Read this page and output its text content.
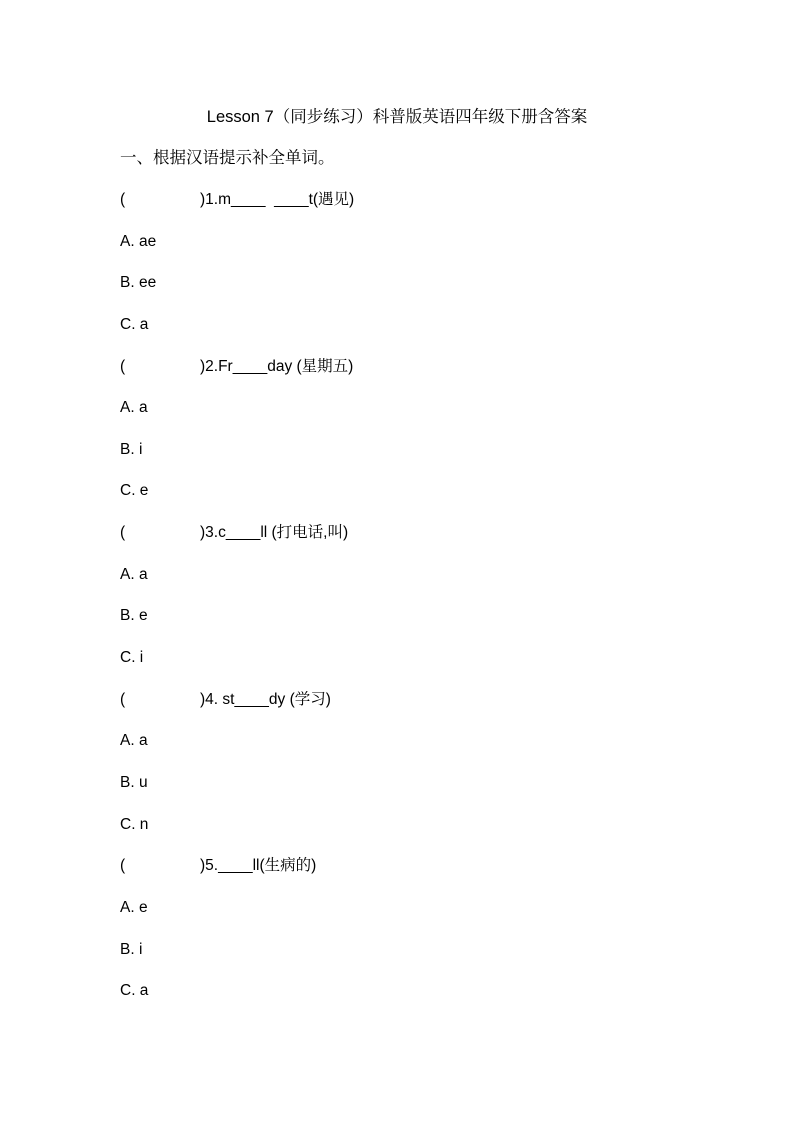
Lesson 7（同步练习）科普版英语四年级下册含答案
一、根据汉语提示补全单词。
(	)1.m____  ____t(遇见)
A. ae
B. ee
C. a
(	)2.Fr____day (星期五)
A. a
B. i
C. e
(	)3.c____ll (打电话,叫)
A. a
B. e
C. i
(	)4. st____dy (学习)
A. a
B. u
C. n
(	)5.____ll(生病的)
A. e
B. i
C. a
